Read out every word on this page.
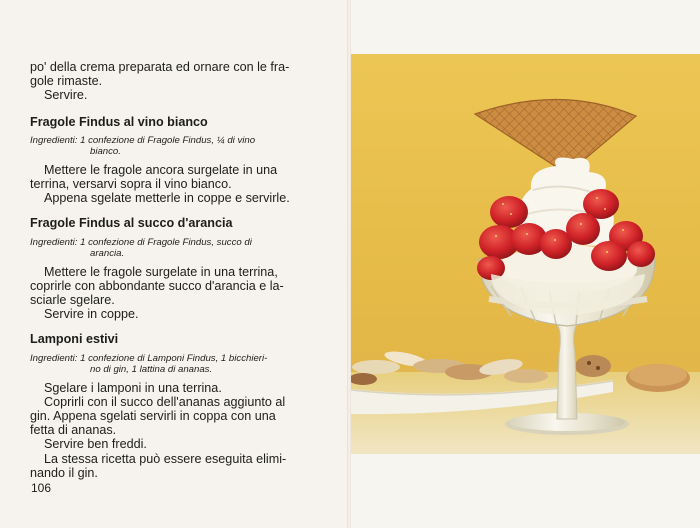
po' della crema preparata ed ornare con le fra-
gole rimaste.

Servire.

Fragole Findus al vino bianco

Ingredienti: 1 confezione di Fragole Findus, ¼ di vino
bianco.

Mettere le fragole ancora surgelate in una
terrina, versarvi sopra il vino bianco.

Appena sgelate metterle in coppe e servirle.

Fragole Findus al succo d'arancia

Ingredienti: 1 confezione di Fragole Findus, succo di
arancia.

Mettere le fragole surgelate in una terrina,
coprirle con abbondante succo d'arancia e la-
sciarle sgelare.

Servire in coppe.

Lamponi estivi

Ingredienti: 1 confezione di Lamponi Findus, 1 bicchieri-
no di gin, 1 lattina di ananas.

Sgelare i lamponi in una terrina.

Coprirli con il succo dell'ananas aggiunto al
gin. Appena sgelati servirli in coppa con una
fetta di ananas.

Servire ben freddi.

La stessa ricetta può essere eseguita elimi-
nando il gin.

106
